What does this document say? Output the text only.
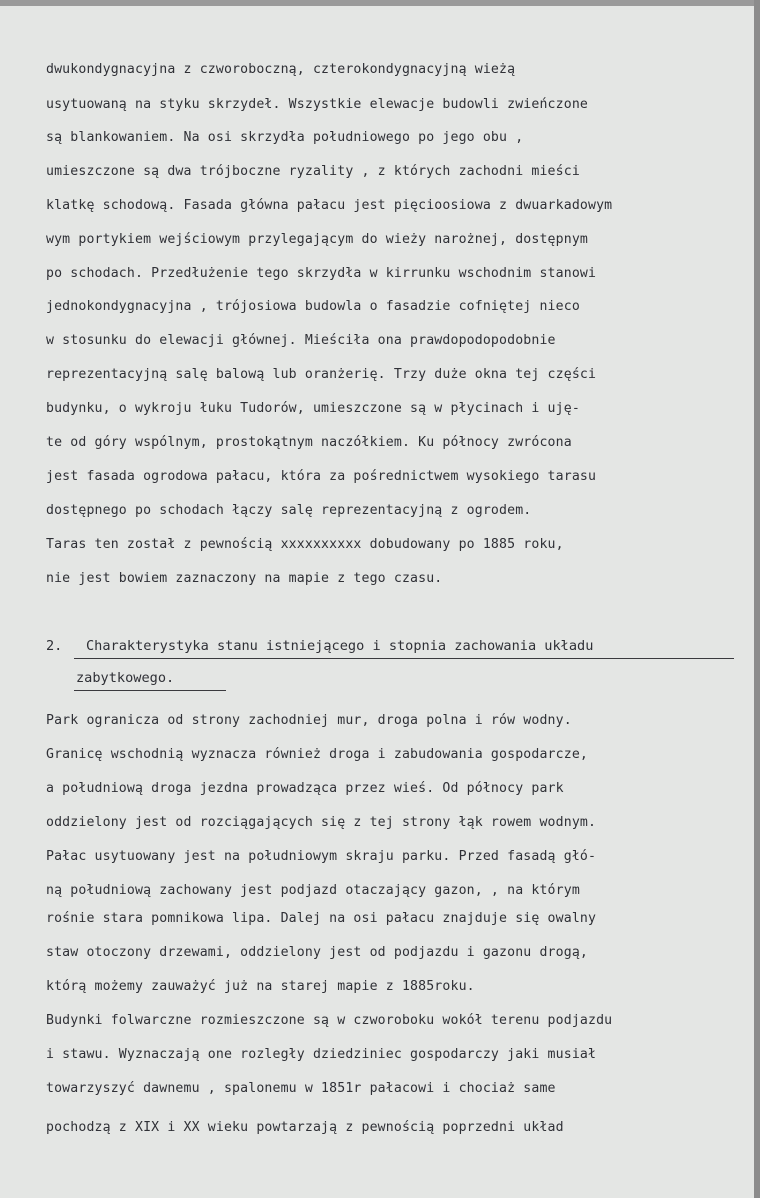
dwukondygnacyjna z czworoboczną, czterokondygnacyjną wieżą
usytuowaną na styku skrzydeł. Wszystkie elewacje budowli zwieńczone
są blankowaniem. Na osi skrzydła południowego po jego obu ,
umieszczone są dwa trójboczne ryzality , z których zachodni mieści
klatkę schodową. Fasada główna pałacu jest pięcioosiowa z dwuarkadowym
wym portykiem wejściowym przylegającym do wieży narożnej, dostępnym
po schodach. Przedłużenie tego skrzydła w kirrunku wschodnim stanowi
jednokondygnacyjna , trójosiowa budowla o fasadzie cofniętej nieco
w stosunku do elewacji głównej. Mieściła ona prawdopodopodobnie
reprezentacyjną salę balową lub oranżerię. Trzy duże okna tej części
budynku, o wykroju łuku Tudorów, umieszczone są w płycinach i uję-
te od góry wspólnym, prostokątnym naczółkiem. Ku północy zwrócona
jest fasada ogrodowa pałacu, która za pośrednictwem wysokiego tarasu
dostępnego po schodach łączy salę reprezentacyjną z ogrodem.
Taras ten został z pewnością xxxxxxxxxx dobudowany po 1885 roku,
nie jest bowiem zaznaczony na mapie z tego czasu.
2. Charakterystyka stanu istniejącego i stopnia zachowania układu
zabytkowego.
Park ogranicza od strony zachodniej mur, droga polna i rów wodny.
Granicę wschodnią wyznacza również droga i zabudowania gospodarcze,
a południową droga jezdna prowadząca przez wieś. Od północy park
oddzielony jest od rozciągających się z tej strony łąk rowem wodnym.
Pałac usytuowany jest na południowym skraju parku. Przed fasadą głó-
ną południową zachowany jest podjazd otaczający gazon, , na którym
rośnie stara pomnikowa lipa. Dalej na osi pałacu znajduje się owalny
staw otoczony drzewami, oddzielony jest od podjazdu i gazonu drogą,
którą możemy zauważyć już na starej mapie z 1885roku.
Budynki folwarczne rozmieszczone są w czworoboku wokół terenu podjazdu
i stawu. Wyznaczają one rozległy dziedziniec gospodarczy jaki musiał
towarzyszyć dawnemu , spalonemu w 1851r pałacowi i chociaż same
pochodzą z XIX i XX wieku powtarzają z pewnością poprzedni układ
